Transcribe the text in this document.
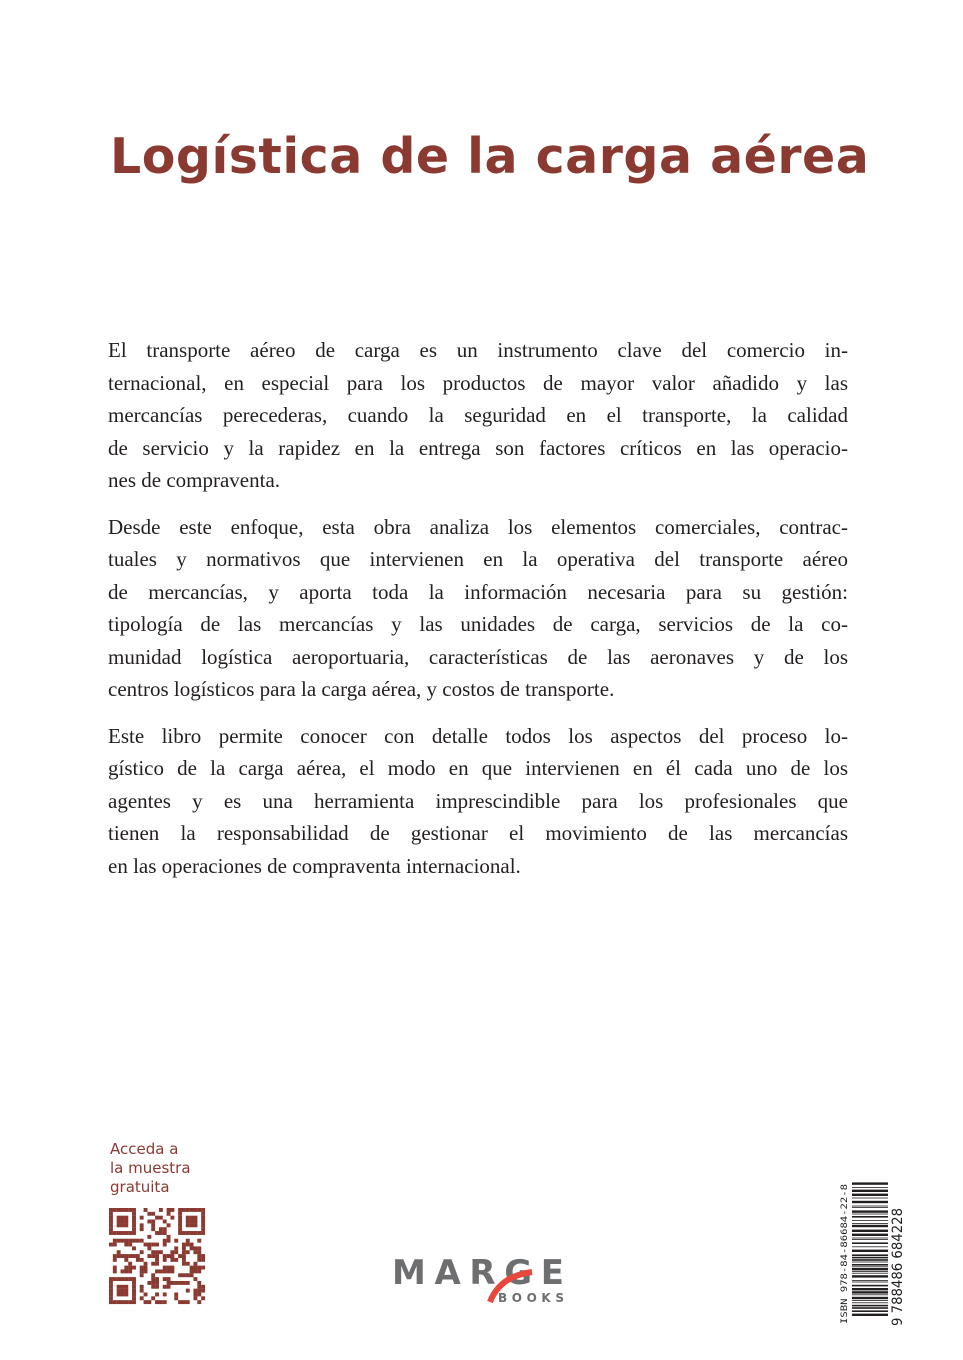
Logística de la carga aérea
El transporte aéreo de carga es un instrumento clave del comercio in-
ternacional, en especial para los productos de mayor valor añadido y las
mercancías perecederas, cuando la seguridad en el transporte, la calidad
de servicio y la rapidez en la entrega son factores críticos en las operacio-
nes de compraventa.
Desde este enfoque, esta obra analiza los elementos comerciales, contrac-
tuales y normativos que intervienen en la operativa del transporte aéreo
de mercancías, y aporta toda la información necesaria para su gestión:
tipología de las mercancías y las unidades de carga, servicios de la co-
munidad logística aeroportuaria, características de las aeronaves y de los
centros logísticos para la carga aérea, y costos de transporte.
Este libro permite conocer con detalle todos los aspectos del proceso lo-
gístico de la carga aérea, el modo en que intervienen en él cada uno de los
agentes y es una herramienta imprescindible para los profesionales que
tienen la responsabilidad de gestionar el movimiento de las mercancías
en las operaciones de compraventa internacional.
Acceda a
la muestra
gratuita
MARGE
BOOKS	ISBN 978-84-86684-22-8	9 788486 684228
